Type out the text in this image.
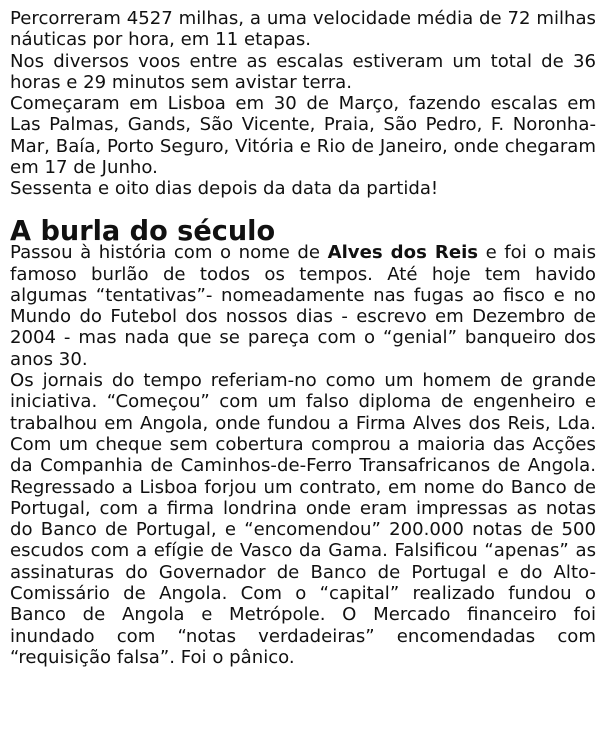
Percorreram 4527 milhas, a uma velocidade média de 72 milhas náuticas por hora, em 11 etapas.

Nos diversos voos entre as escalas estiveram um total de 36 horas e 29 minutos sem avistar terra.

Começaram em Lisboa em 30 de Março, fazendo escalas em Las Palmas, Gands, São Vicente, Praia, São Pedro, F. Noronha-Mar, Baía, Porto Seguro, Vitória e Rio de Janeiro, onde chegaram em 17 de Junho.

Sessenta e oito dias depois da data da partida!

A burla do século

Passou à história com o nome de Alves dos Reis e foi o mais famoso burlão de todos os tempos. Até hoje tem havido algumas “tentativas”- nomeadamente nas fugas ao fisco e no Mundo do Futebol dos nossos dias - escrevo em Dezembro de 2004 - mas nada que se pareça com o “genial” banqueiro dos anos 30.

Os jornais do tempo referiam-no como um homem de grande iniciativa. “Começou” com um falso diploma de engenheiro e trabalhou em Angola, onde fundou a Firma Alves dos Reis, Lda. Com um cheque sem cobertura comprou a maioria das Acções da Companhia de Caminhos-de-Ferro Transafricanos de Angola. Regressado a Lisboa forjou um contrato, em nome do Banco de Portugal, com a firma londrina onde eram impressas as notas do Banco de Portugal, e “encomendou” 200.000 notas de 500 escudos com a efígie de Vasco da Gama. Falsificou “apenas” as assinaturas do Governador de Banco de Portugal e do Alto-Comissário de Angola. Com o “capital” realizado fundou o Banco de Angola e Metrópole. O Mercado financeiro foi inundado com “notas verdadeiras” encomendadas com “requisição falsa”. Foi o pânico.
